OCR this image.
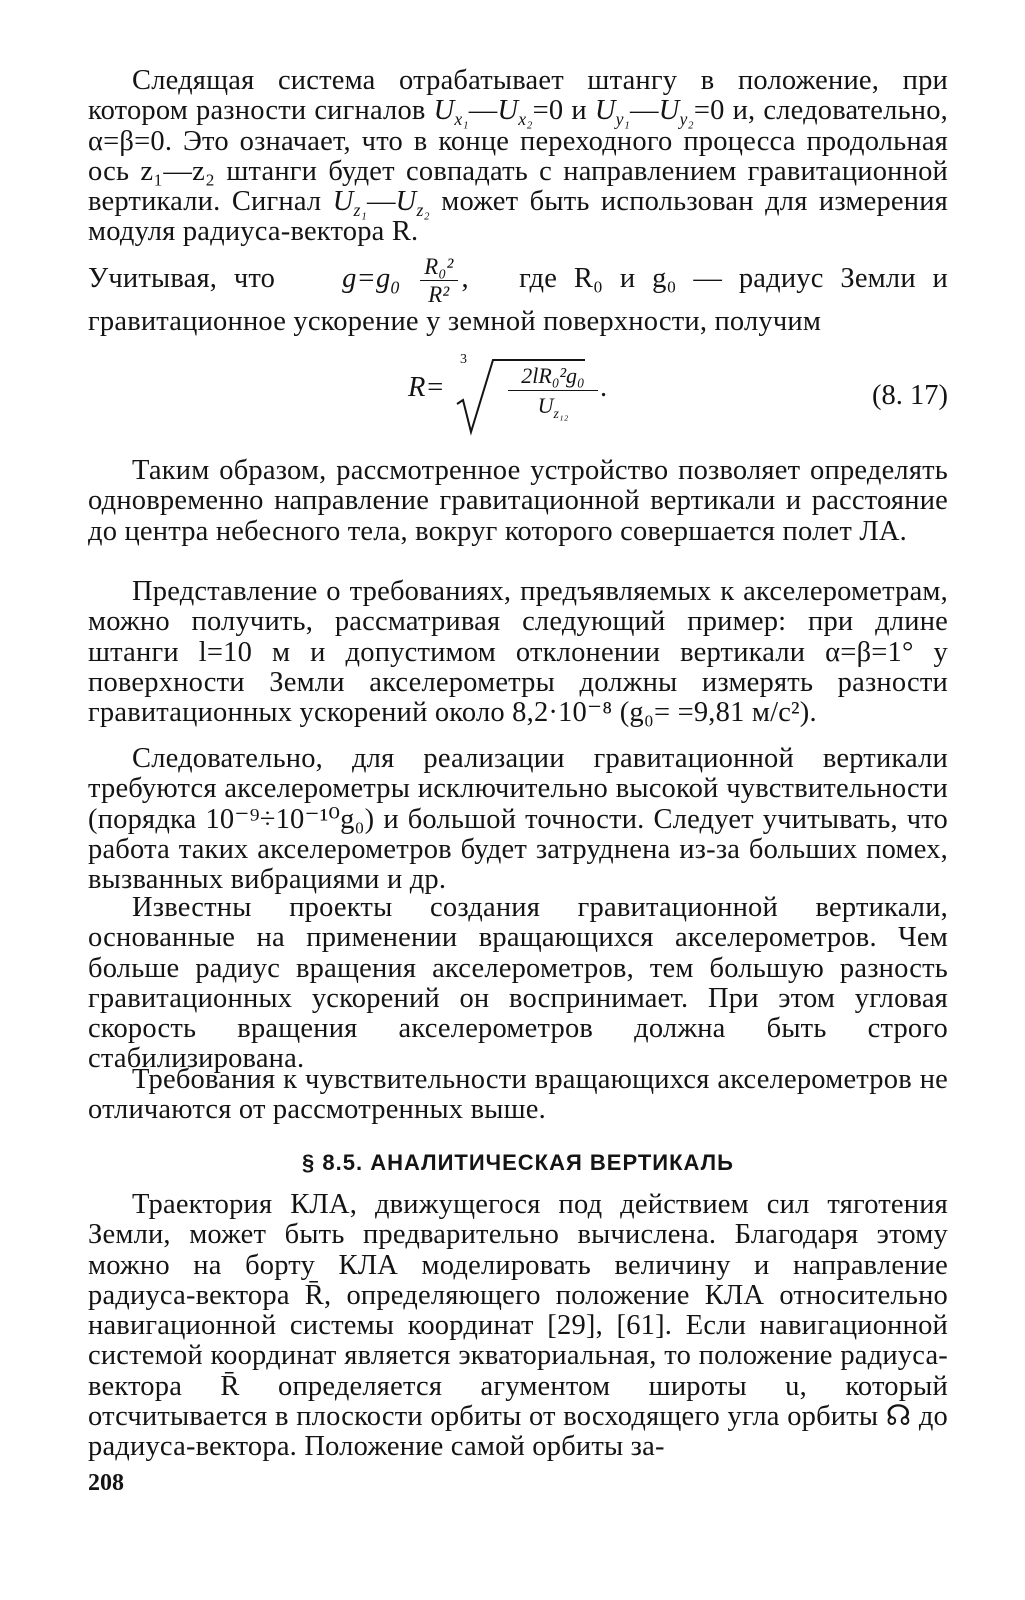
Следящая система отрабатывает штангу в положение, при котором разности сигналов $U_{x_1}—U_{x_2}=0$ и $U_{y_1}—U_{y_2}=0$ и, следовательно, α=β=0. Это означает, что в конце переходного процесса продольная ось z₁—z₂ штанги будет совпадать с направлением гравитационной вертикали. Сигнал $U_{z_1}—U_{z_2}$ может быть использован для измерения модуля радиуса-вектора R.

Учитывая, что $g=g_0 \frac{\text{R₀²}}{\text{R²}}$ , где R₀ и g₀ — радиус Земли и гравитационное ускорение у земной поверхности, получим

R=
3
2lR₀²g₀
$U_{z_{12}}$
.	(8. 17)

Таким образом, рассмотренное устройство позволяет определять одновременно направление гравитационной вертикали и расстояние до центра небесного тела, вокруг которого совершается полет ЛА.

Представление о требованиях, предъявляемых к акселерометрам, можно получить, рассматривая следующий пример: при длине штанги l=10 м и допустимом отклонении вертикали α=β=1° у поверхности Земли акселерометры должны измерять разности гравитационных ускорений около 8,2·10⁻⁸ (g₀= =9,81 м/с²).

Следовательно, для реализации гравитационной вертикали требуются акселерометры исключительно высокой чувствительности (порядка 10⁻⁹÷10⁻¹⁰g₀) и большой точности. Следует учитывать, что работа таких акселерометров будет затруднена из-за больших помех, вызванных вибрациями и др.

Известны проекты создания гравитационной вертикали, основанные на применении вращающихся акселерометров. Чем больше радиус вращения акселерометров, тем большую разность гравитационных ускорений он воспринимает. При этом угловая скорость вращения акселерометров должна быть строго стабилизирована.

Требования к чувствительности вращающихся акселерометров не отличаются от рассмотренных выше.

§ 8.5. АНАЛИТИЧЕСКАЯ ВЕРТИКАЛЬ

Траектория КЛА, движущегося под действием сил тяготения Земли, может быть предварительно вычислена. Благодаря этому можно на борту КЛА моделировать величину и направление радиуса-вектора R̄, определяющего положение КЛА относительно навигационной системы координат [29], [61]. Если навигационной системой координат является экваториальная, то положение радиуса-вектора R̄ определяется агументом широты u, который отсчитывается в плоскости орбиты от восходящего угла орбиты ☊ до радиуса-вектора. Положение самой орбиты за-

208
